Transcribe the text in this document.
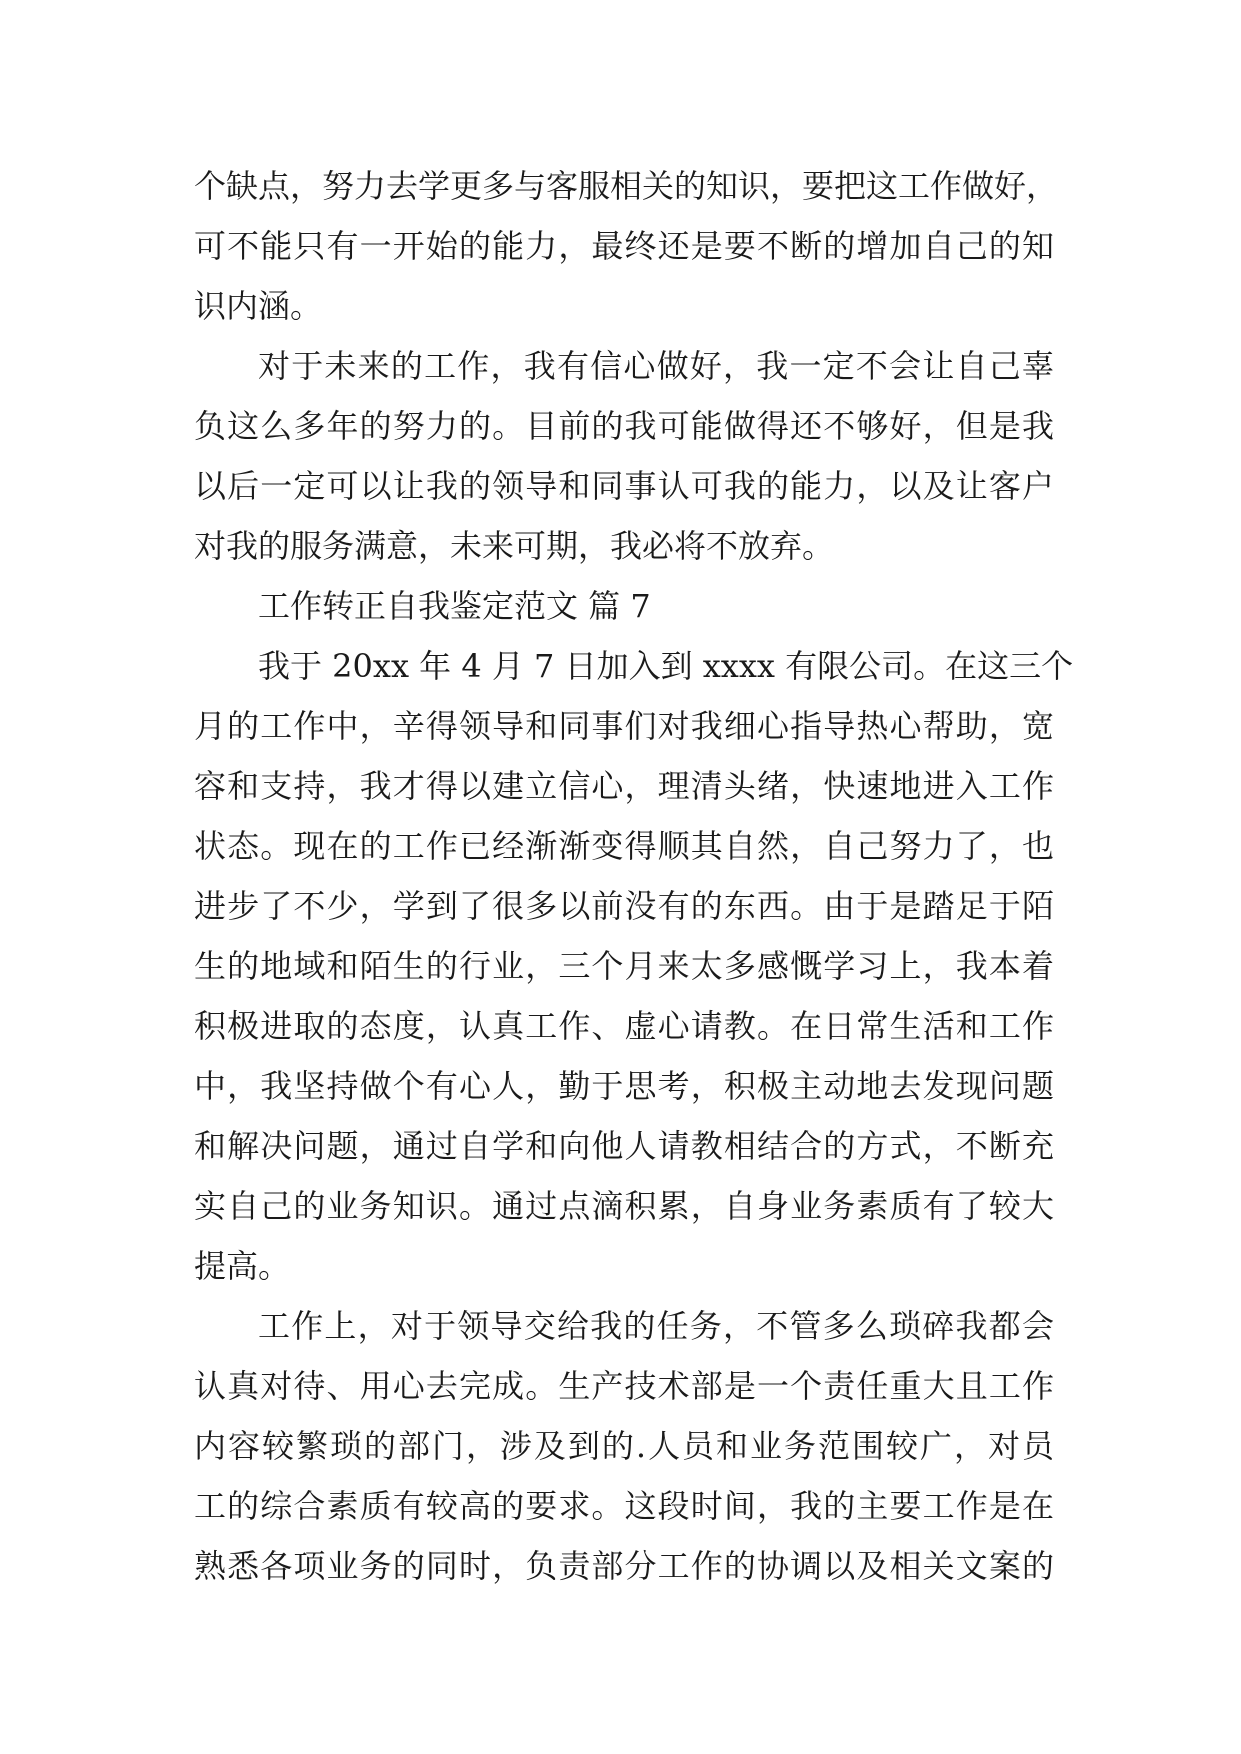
个缺点，努力去学更多与客服相关的知识，要把这工作做好，
可不能只有一开始的能力，最终还是要不断的增加自己的知
识内涵。
对于未来的工作，我有信心做好，我一定不会让自己辜
负这么多年的努力的。目前的我可能做得还不够好，但是我
以后一定可以让我的领导和同事认可我的能力，以及让客户
对我的服务满意，未来可期，我必将不放弃。
工作转正自我鉴定范文 篇 7
我于 20xx 年 4 月 7 日加入到 xxxx 有限公司。在这三个
月的工作中，辛得领导和同事们对我细心指导热心帮助，宽
容和支持，我才得以建立信心，理清头绪，快速地进入工作
状态。现在的工作已经渐渐变得顺其自然，自己努力了，也
进步了不少，学到了很多以前没有的东西。由于是踏足于陌
生的地域和陌生的行业，三个月来太多感慨学习上，我本着
积极进取的态度，认真工作、虚心请教。在日常生活和工作
中，我坚持做个有心人，勤于思考，积极主动地去发现问题
和解决问题，通过自学和向他人请教相结合的方式，不断充
实自己的业务知识。通过点滴积累，自身业务素质有了较大
提高。
工作上，对于领导交给我的任务，不管多么琐碎我都会
认真对待、用心去完成。生产技术部是一个责任重大且工作
内容较繁琐的部门，涉及到的.人员和业务范围较广，对员
工的综合素质有较高的要求。这段时间，我的主要工作是在
熟悉各项业务的同时，负责部分工作的协调以及相关文案的
